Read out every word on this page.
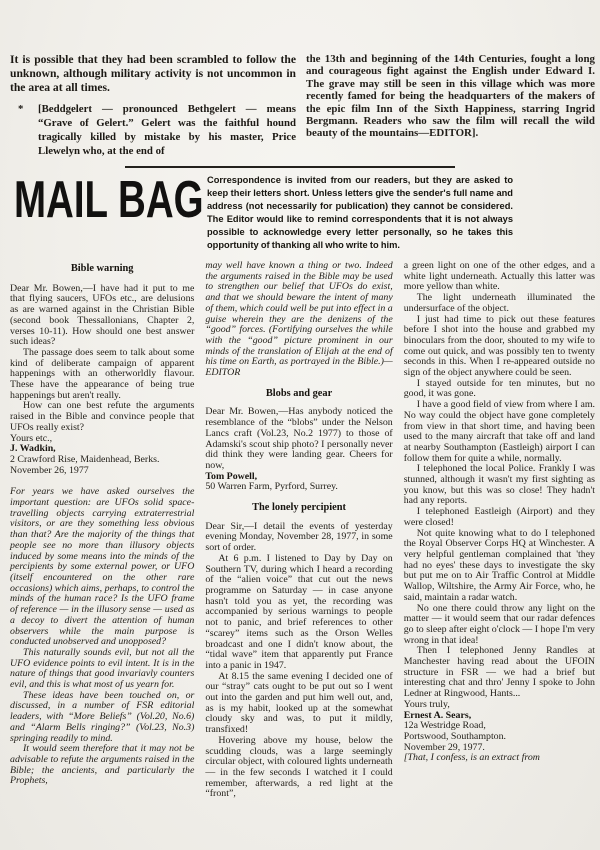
It is possible that they had been scrambled to follow the unknown, although military activity is not uncommon in the area at all times.
* [Beddgelert — pronounced Bethgelert — means “Grave of Gelert.” Gelert was the faithful hound tragically killed by mistake by his master, Price Llewelyn who, at the end of
the 13th and beginning of the 14th Centuries, fought a long and courageous fight against the English under Edward I. The grave may still be seen in this village which was more recently famed for being the headquarters of the makers of the epic film Inn of the Sixth Happiness, starring Ingrid Bergmann. Readers who saw the film will recall the wild beauty of the mountains—EDITOR].
MAIL BAG Correspondence is invited from our readers, but they are asked to keep their letters short. Unless letters give the sender's full name and address (not necessarily for publication) they cannot be considered. The Editor would like to remind correspondents that it is not always possible to acknowledge every letter personally, so he takes this opportunity of thanking all who write to him.
Bible warning
Dear Mr. Bowen,—I have had it put to me that flying saucers, UFOs etc., are delusions as are warned against in the Christian Bible (second book Thessallonians, Chapter 2, verses 10-11). How should one best answer such ideas?
The passage does seem to talk about some kind of deliberate campaign of apparent happenings with an otherworldly flavour. These have the appearance of being true happenings but aren't really.
How can one best refute the arguments raised in the Bible and convince people that UFOs really exist?
Yours etc.,
J. Wadkin,
2 Crawford Rise, Maidenhead, Berks.
November 26, 1977
For years we have asked ourselves the important question: are UFOs solid space-travelling objects carrying extraterrestrial visitors, or are they something less obvious than that? Are the majority of the things that people see no more than illusory objects induced by some means into the minds of the percipients by some external power, or UFO (itself encountered on the other rare occasions) which aims, perhaps, to control the minds of the human race? Is the UFO frame of reference — in the illusory sense — used as a decoy to divert the attention of human observers while the main purpose is conducted unobserved and unopposed?
This naturally sounds evil, but not all the UFO evidence points to evil intent. It is in the nature of things that good invariavly counters evil, and this is what most of us yearn for.
These ideas have been touched on, or discussed, in a number of FSR editorial leaders, with “More Beliefs” (Vol.20, No.6) and “Alarm Bells ringing?” (Vol.23, No.3) springing readily to mind.
It would seem therefore that it may not be advisable to refute the arguments raised in the Bible; the ancients, and particularly the Prophets,
may well have known a thing or two. Indeed the arguments raised in the Bible may be used to strengthen our belief that UFOs do exist, and that we should beware the intent of many of them, which could well be put into effect in a guise wherein they are the denizens of the “good” forces. (Fortifying ourselves the while with the “good” picture prominent in our minds of the translation of Elijah at the end of his time on Earth, as portrayed in the Bible.)—EDITOR
Blobs and gear
Dear Mr. Bowen,—Has anybody noticed the resemblance of the “blobs” under the Nelson Lancs craft (Vol.23, No.2 1977) to those of Adamski's scout ship photo? I personally never did think they were landing gear. Cheers for now,
Tom Powell,
50 Warren Farm, Pyrford, Surrey.
The lonely percipient
Dear Sir,—I detail the events of yesterday evening Monday, November 28, 1977, in some sort of order.
At 6 p.m. I listened to Day by Day on Southern TV, during which I heard a recording of the “alien voice” that cut out the news programme on Saturday — in case anyone hasn't told you as yet, the recording was accompanied by serious warnings to people not to panic, and brief references to other “scarey” items such as the Orson Welles broadcast and one I didn't know about, the “tidal wave” item that apparently put France into a panic in 1947.
At 8.15 the same evening I decided one of our “stray” cats ought to be put out so I went out into the garden and put him well out, and, as is my habit, looked up at the somewhat cloudy sky and was, to put it mildly, transfixed!
Hovering above my house, below the scudding clouds, was a large seemingly circular object, with coloured lights underneath — in the few seconds I watched it I could remember, afterwards, a red light at the “front”,
a green light on one of the other edges, and a white light underneath. Actually this latter was more yellow than white.
The light underneath illuminated the undersurface of the object.
I just had time to pick out these features before I shot into the house and grabbed my binoculars from the door, shouted to my wife to come out quick, and was possibly ten to twenty seconds in this. When I re-appeared outside no sign of the object anywhere could be seen.
I stayed outside for ten minutes, but no good, it was gone.
I have a good field of view from where I am. No way could the object have gone completely from view in that short time, and having been used to the many aircraft that take off and land at nearby Southampton (Eastleigh) airport I can follow them for quite a while, normally.
I telephoned the local Police. Frankly I was stunned, although it wasn't my first sighting as you know, but this was so close! They hadn't had any reports.
I telephoned Eastleigh (Airport) and they were closed!
Not quite knowing what to do I telephoned the Royal Observer Corps HQ at Winchester. A very helpful gentleman complained that 'they had no eyes' these days to investigate the sky but put me on to Air Traffic Control at Middle Wallop, Wiltshire, the Army Air Force, who, he said, maintain a radar watch.
No one there could throw any light on the matter — it would seem that our radar defences go to sleep after eight o'clock — I hope I'm very wrong in that idea!
Then I telephoned Jenny Randles at Manchester having read about the UFOIN structure in FSR — we had a brief but interesting chat and thro' Jenny I spoke to John Ledner at Ringwood, Hants...
Yours truly,
Ernest A. Sears,
12a Westridge Road,
Portswood, Southampton.
November 29, 1977.
[That, I confess, is an extract from
